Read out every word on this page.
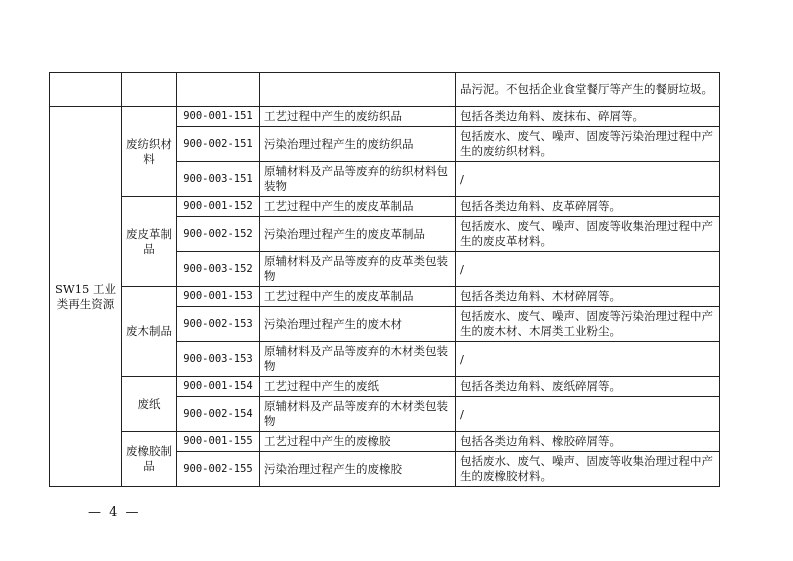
				品污泥。不包括企业食堂餐厅等产生的餐厨垃圾。
SW15 工业类再生资源	废纺织材料	900-001-151	工艺过程中产生的废纺织品	包括各类边角料、废抹布、碎屑等。
		900-002-151	污染治理过程产生的废纺织品	包括废水、废气、噪声、固废等污染治理过程中产生的废纺织材料。
		900-003-151	原辅材料及产品等废弃的纺织材料包装物	/
	废皮革制品	900-001-152	工艺过程中产生的废皮革制品	包括各类边角料、皮革碎屑等。
		900-002-152	污染治理过程产生的废皮革制品	包括废水、废气、噪声、固废等收集治理过程中产生的废皮革材料。
		900-003-152	原辅材料及产品等废弃的皮革类包装物	/
	废木制品	900-001-153	工艺过程中产生的废皮革制品	包括各类边角料、木材碎屑等。
		900-002-153	污染治理过程产生的废木材	包括废水、废气、噪声、固废等污染治理过程中产生的废木材、木屑类工业粉尘。
		900-003-153	原辅材料及产品等废弃的木材类包装物	/
	废纸	900-001-154	工艺过程中产生的废纸	包括各类边角料、废纸碎屑等。
		900-002-154	原辅材料及产品等废弃的木材类包装物	/
	废橡胶制品	900-001-155	工艺过程中产生的废橡胶	包括各类边角料、橡胶碎屑等。
		900-002-155	污染治理过程产生的废橡胶	包括废水、废气、噪声、固废等收集治理过程中产生的废橡胶材料。
— 4 —
